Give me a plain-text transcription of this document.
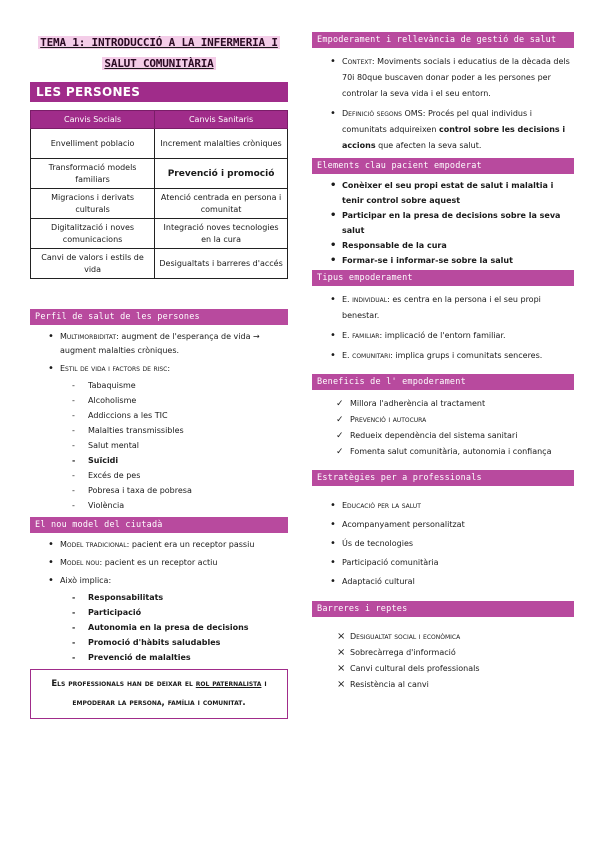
TEMA 1: INTRODUCCIÓ A LA INFERMERIA I
SALUT COMUNITÀRIA
LES PERSONES
Canvis Socials	Canvis Sanitaris
Envelliment poblacio	Increment malalties cròniques
Transformació models familiars	Prevenció i promoció
Migracions i derivats culturals	Atenció centrada en persona i comunitat
Digitalització i noves comunicacions	Integració noves tecnologies en la cura
Canvi de valors i estils de vida	Desigualtats i barreres d'accés
Perfil de salut de les persones
• Multimorbiditat: augment de l'esperança de vida → augment malalties cròniques.
• Estil de vida i factors de risc:
- Tabaquisme
- Alcoholisme
- Addiccions a les TIC
- Malalties transmissibles
- Salut mental
- Suïcidi
- Excés de pes
- Pobresa i taxa de pobresa
- Violència
El nou model del ciutadà
• Model tradicional: pacient era un receptor passiu
• Model nou: pacient es un receptor actiu
• Això implica:
- Responsabilitats
- Participació
- Autonomia en la presa de decisions
- Promoció d'hàbits saludables
- Prevenció de malalties
Els professionals han de deixar el rol paternalista i
empoderar la persona, família i comunitat.
Empoderament i rellevància de gestió de salut
• Context: Moviments socials i educatius de la dècada dels 70i 80que buscaven donar poder a les persones per controlar la seva vida i el seu entorn.
• Definició segons OMS: Procés pel qual individus i comunitats adquireixen control sobre les decisions i accions que afecten la seva salut.
Elements clau pacient empoderat
• Conèixer el seu propi estat de salut i malaltia i tenir control sobre aquest
• Participar en la presa de decisions sobre la seva salut
• Responsable de la cura
• Formar-se i informar-se sobre la salut
Tipus empoderament
• E. individual: es centra en la persona i el seu propi benestar.
• E. familiar: implicació de l'entorn familiar.
• E. comunitari: implica grups i comunitats senceres.
Beneficis de l' empoderament
✓ Millora l'adherència al tractament
✓ Prevenció i autocura
✓ Redueix dependència del sistema sanitari
✓ Fomenta salut comunitària, autonomia i confiança
Estratègies per a professionals
• Educació per la salut
• Acompanyament personalitzat
• Ús de tecnologies
• Participació comunitària
• Adaptació cultural
Barreres i reptes
× Desigualtat social i econòmica
× Sobrecàrrega d'informació
× Canvi cultural dels professionals
× Resistència al canvi
